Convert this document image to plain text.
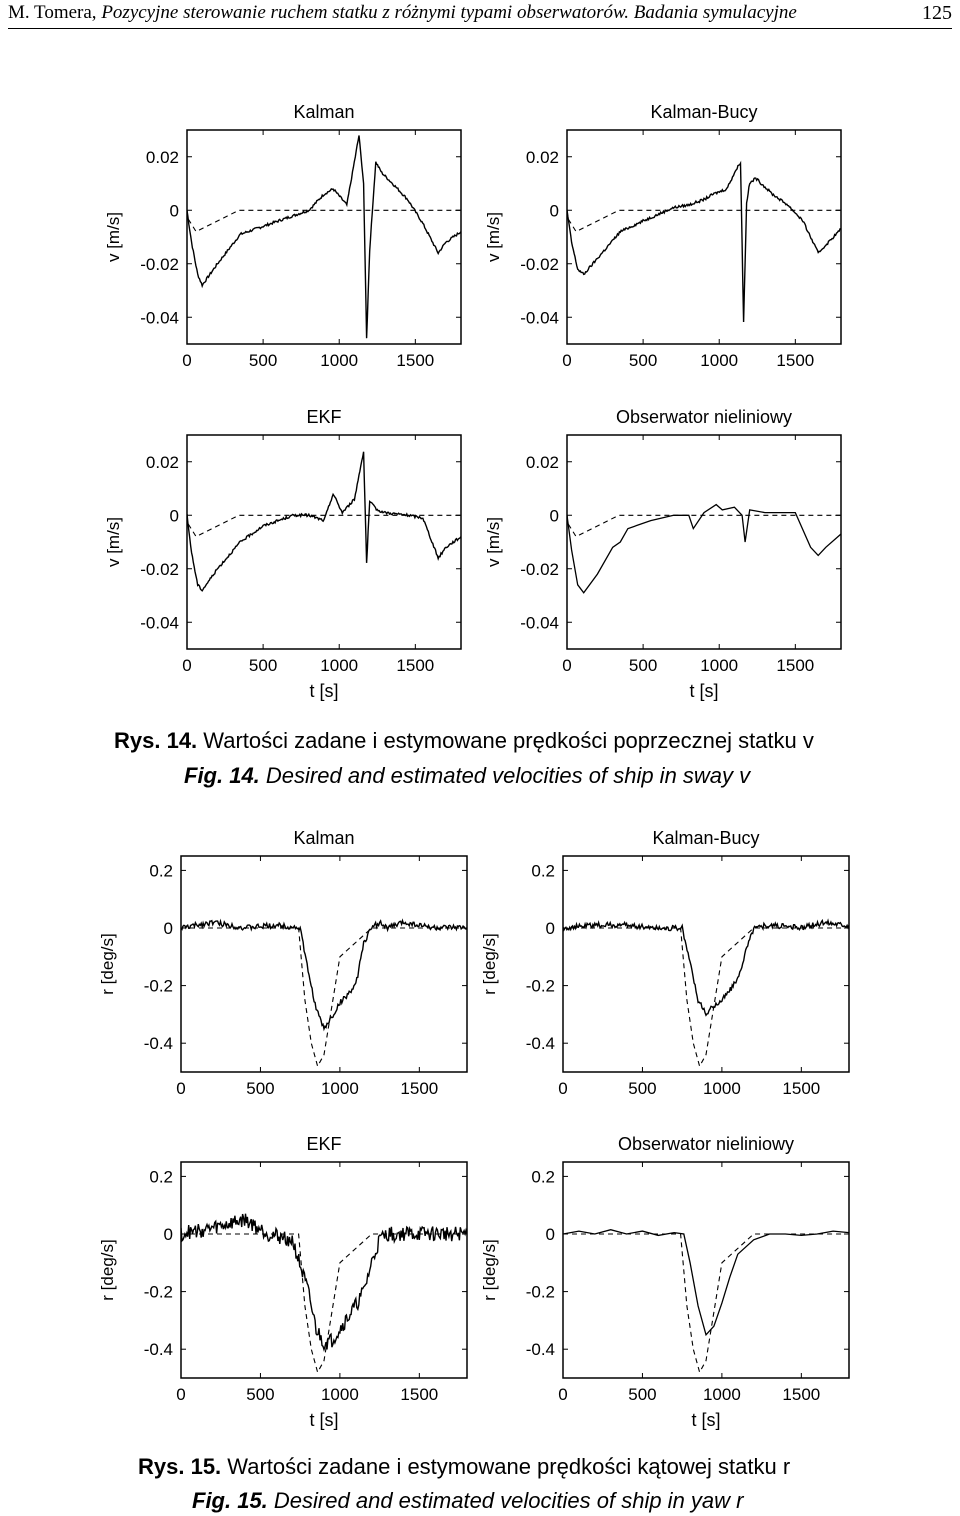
M. Tomera, Pozycyjne sterowanie ruchem statku z różnymi typami obserwatorów. Badania symulacyjne	125
Kalman
0.02
0
-0.02
-0.04
0	500	1000 1500
v [m/s]
Kalman-Bucy
0.02
0
-0.02
-0.04
0	500	1000 1500
v [m/s]
EKF
0.02
0
-0.02
-0.04
0	500	1000 1500
v [m/s]
t [s]
Obserwator nieliniowy
0.02
0
-0.02
-0.04
0	500	1000 1500
v [m/s]
t [s]
Rys. 14. Wartości zadane i estymowane prędkości poprzecznej statku v
Fig. 14. Desired and estimated velocities of ship in sway v
Kalman
0.2
0
-0.2
-0.4
0	500	1000 1500
r [deg/s]
Kalman-Bucy
0.2
0
-0.2
-0.4
0	500	1000 1500
r [deg/s]
EKF
0.2
0
-0.2
-0.4
0	500	1000 1500
r [deg/s]
t [s]
Obserwator nieliniowy
0.2
0
-0.2
-0.4
0	500	1000 1500
r [deg/s]
t [s]
Rys. 15. Wartości zadane i estymowane prędkości kątowej statku r
Fig. 15. Desired and estimated velocities of ship in yaw r
